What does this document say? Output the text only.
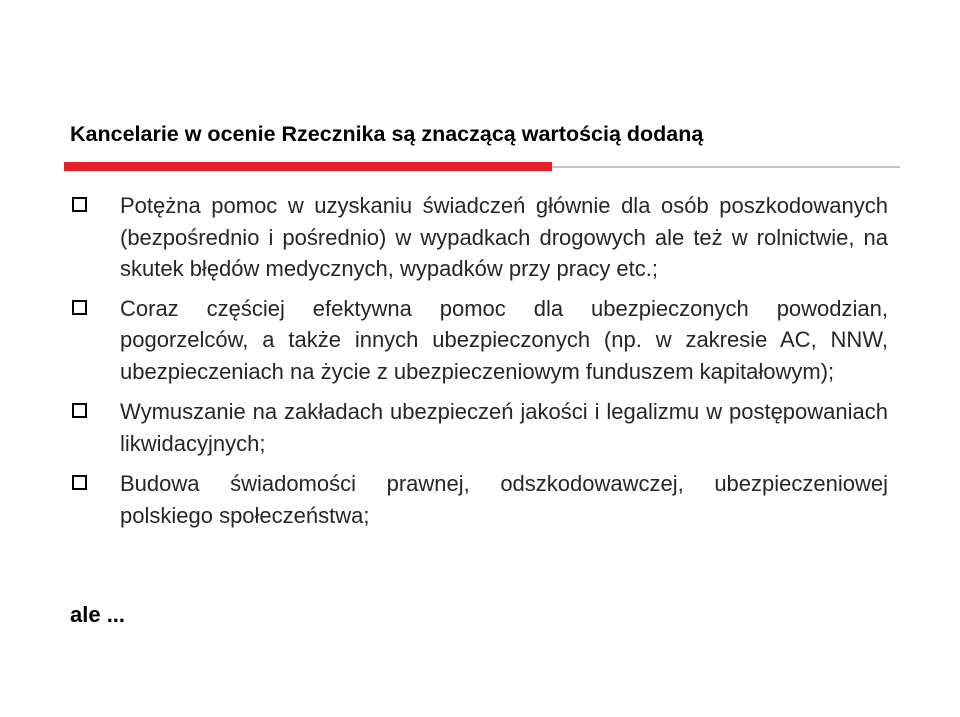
Kancelarie w ocenie Rzecznika są znaczącą wartością dodaną
Potężna pomoc w uzyskaniu świadczeń głównie dla osób poszkodowanych (bezpośrednio i pośrednio) w wypadkach drogowych ale też w rolnictwie, na skutek błędów medycznych, wypadków przy pracy etc.;
Coraz częściej efektywna pomoc dla ubezpieczonych powodzian, pogorzelców, a także innych ubezpieczonych (np. w zakresie AC, NNW, ubezpieczeniach na życie z ubezpieczeniowym funduszem kapitałowym);
Wymuszanie na zakładach ubezpieczeń jakości i legalizmu w postępowaniach likwidacyjnych;
Budowa świadomości prawnej, odszkodowawczej, ubezpieczeniowej polskiego społeczeństwa;
ale ...
